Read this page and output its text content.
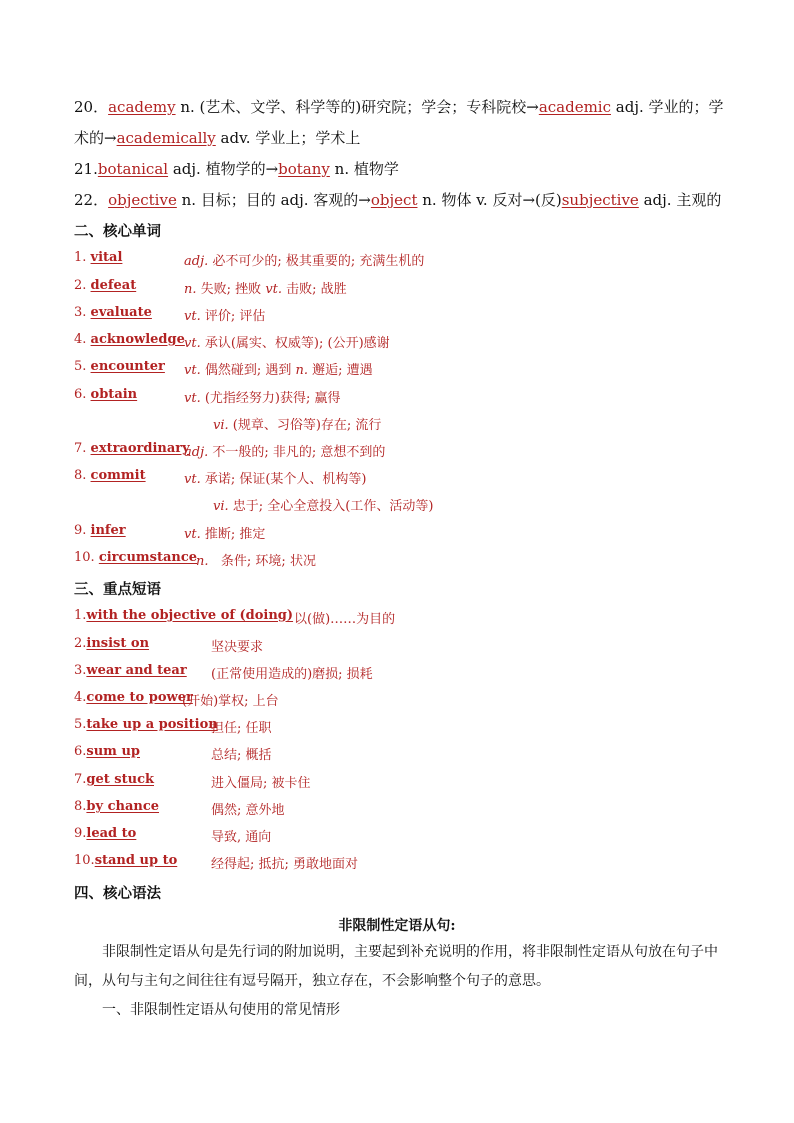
20．academy n. (艺术、文学、科学等的)研究院；学会；专科院校→academic adj. 学业的；学
术的→academically adv. 学业上；学术上
21.botanical adj. 植物学的→botany n. 植物学
22．objective n. 目标；目的 adj. 客观的→object n. 物体 v. 反对→(反)subjective adj. 主观的
二、核心单词
1. vital	adj. 必不可少的; 极其重要的; 充满生机的
2. defeat	n. 失败; 挫败 vt. 击败; 战胜
3. evaluate vt. 评价; 评估
4. acknowledge vt. 承认(属实、权威等); (公开)感谢
5. encounter vt. 偶然碰到; 遇到 n. 邂逅; 遭遇
6. obtain	vt. (尤指经努力)获得; 赢得
vi. (规章、习俗等)存在; 流行
7. extraordinary
adj. 不一般的; 非凡的; 意想不到的
8. commit	vt. 承诺; 保证(某个人、机构等)
vi. 忠于; 全心全意投入(工作、活动等)
9. infer	vt. 推断; 推定
10. circumstance
n. 条件; 环境; 状况
三、重点短语
1.with the objective of (doing) 以(做)……为目的
2.insist on	坚决要求
3.wear and tear (正常使用造成的)磨损; 损耗
4.come to power
(开始)掌权; 上台
5.take up a position
担任; 任职
6.sum up	总结; 概括
7.get stuck	进入僵局; 被卡住
8.by chance	偶然; 意外地
9.lead to	导致, 通向
10.stand up to	经得起; 抵抗; 勇敢地面对
四、核心语法
非限制性定语从句:
非限制性定语从句是先行词的附加说明，主要起到补充说明的作用，将非限制性定语从句放在句子中
间，从句与主句之间往往有逗号隔开，独立存在，不会影响整个句子的意思。
一、非限制性定语从句使用的常见情形
